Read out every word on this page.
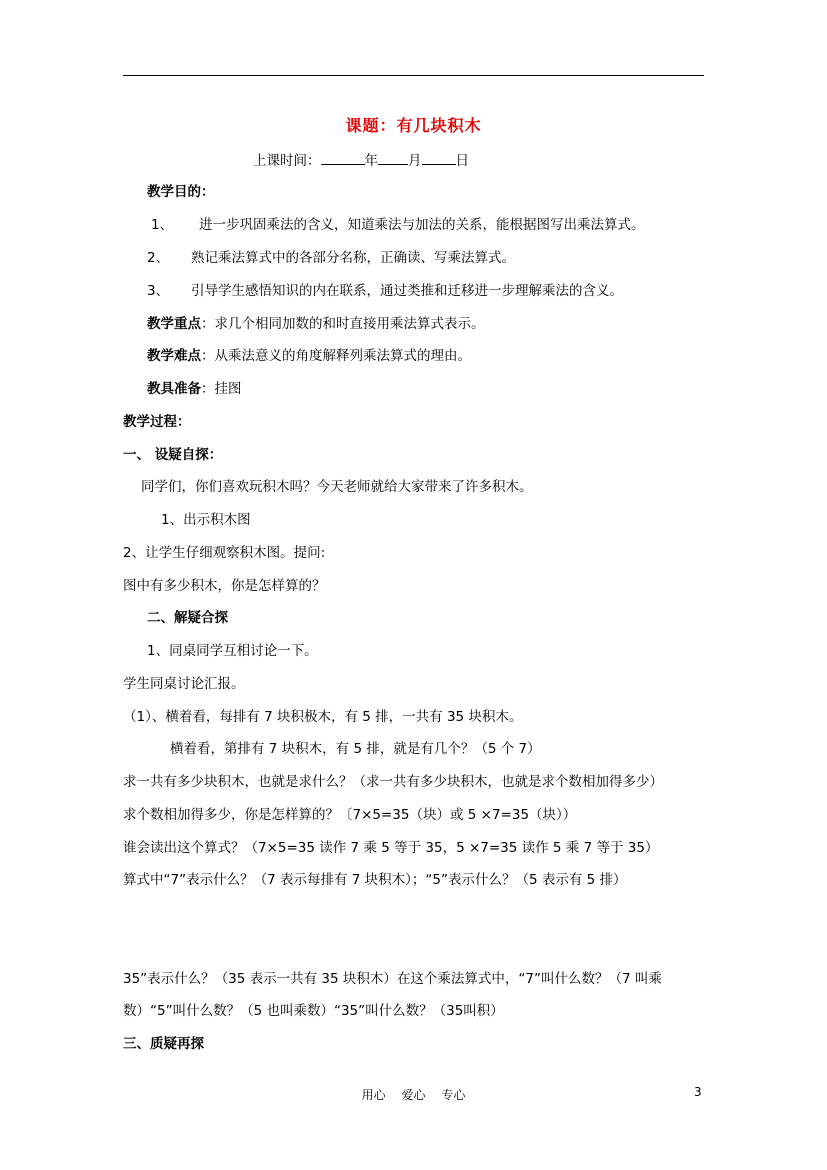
课题：有几块积木
上课时间：	年 月	日
教学目的：
1、 进一步巩固乘法的含义，知道乘法与加法的关系，能根据图写出乘法算式。
2、 熟记乘法算式中的各部分名称，正确读、写乘法算式。
3、 引导学生感悟知识的内在联系，通过类推和迁移进一步理解乘法的含义。
教学重点：求几个相同加数的和时直接用乘法算式表示。
教学难点：从乘法意义的角度解释列乘法算式的理由。
教具准备：挂图
教学过程：
一、 设疑自探：
同学们，你们喜欢玩积木吗？今天老师就给大家带来了许多积木。
1、出示积木图
2、让学生仔细观察积木图。提问:
图中有多少积木，你是怎样算的？
二、解疑合探
1、同桌同学互相讨论一下。
学生同桌讨论汇报。
（1）、横着看，每排有 7 块积极木，有 5 排，一共有 35 块积木。
横着看，第排有 7 块积木，有 5 排，就是有几个？（5 个 7）
求一共有多少块积木，也就是求什么？（求一共有多少块积木，也就是求个数相加得多少）
求个数相加得多少，你是怎样算的？〔7×5=35（块）或 5 ×7=35（块））
谁会读出这个算式？（7×5=35 读作 7 乘 5 等于 35，5 ×7=35 读作 5 乘 7 等于 35）
算式中“7”表示什么？（7 表示每排有 7 块积木）；“5”表示什么？（5 表示有 5 排）
35”表示什么？（35 表示一共有 35 块积木）在这个乘法算式中，“7”叫什么数？（7 叫乘
数）“5”叫什么数？（5 也叫乘数）“35”叫什么数？（35叫积）
三、质疑再探
用心 爱心 专心	3
